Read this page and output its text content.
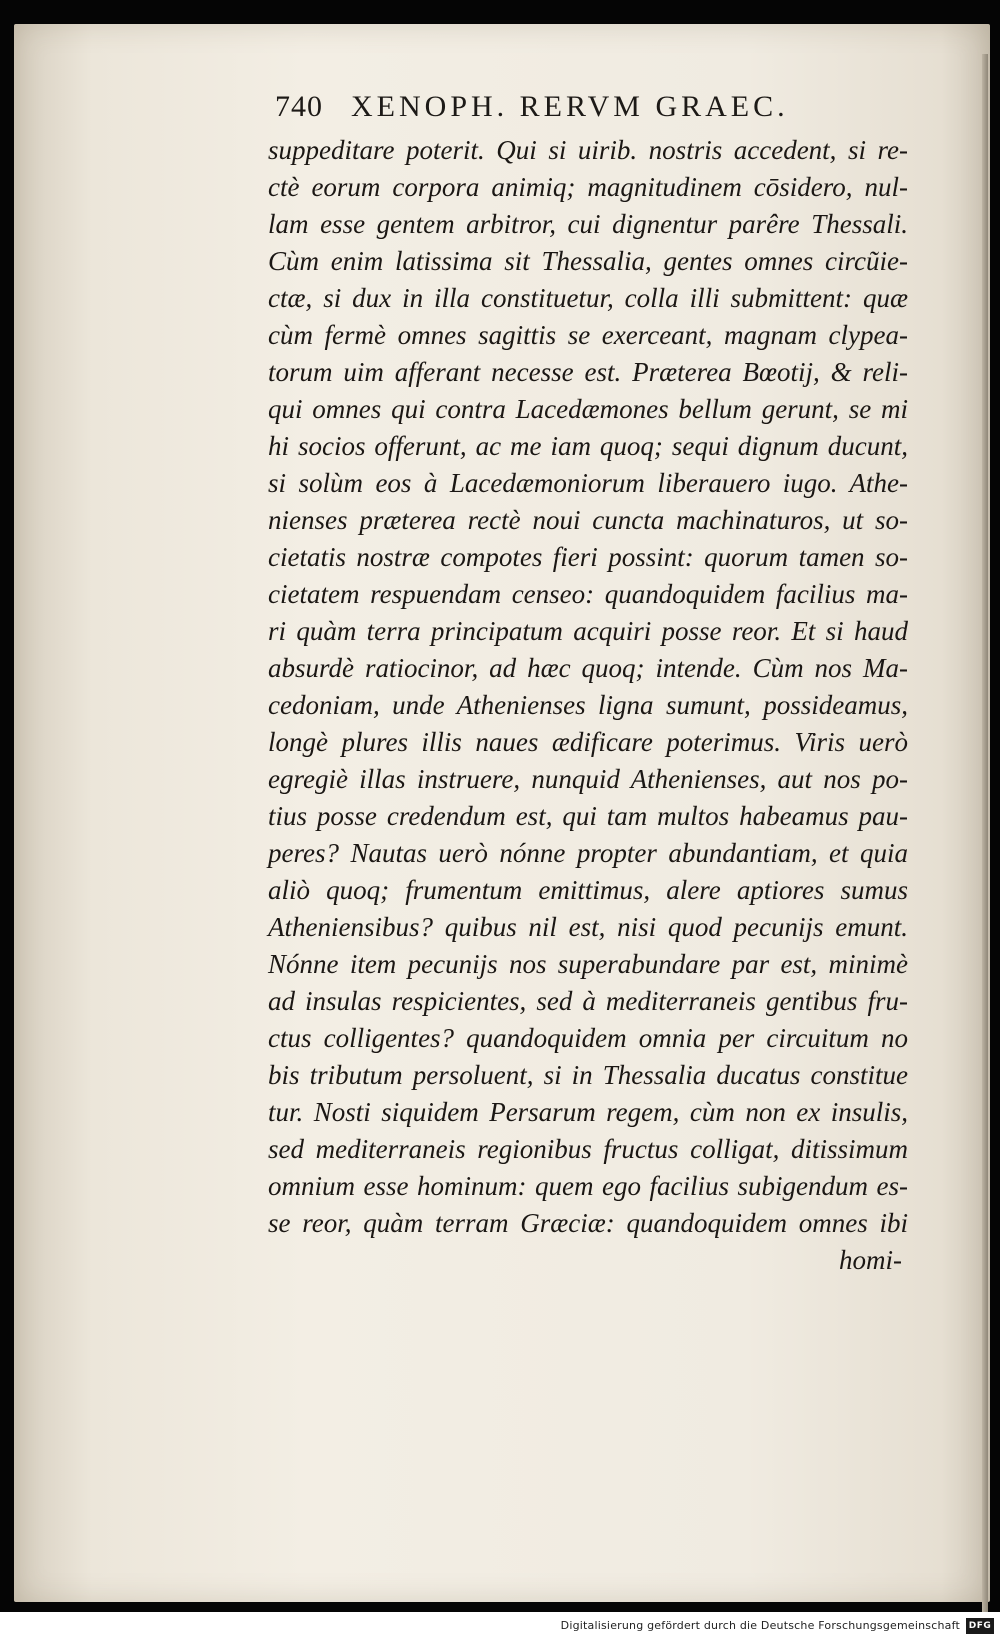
740 XENOPH. RERVM GRAEC.
suppeditare poterit. Qui si uirib. nostris accedent, si re-
ctè eorum corpora animiq; magnitudinem cōsidero, nul-
lam esse gentem arbitror, cui dignentur parêre Thessali.
Cùm enim latissima sit Thessalia, gentes omnes circũie-
ctæ, si dux in illa constituetur, colla illi submittent: quæ
cùm fermè omnes sagittis se exerceant, magnam clypea-
torum uim afferant necesse est. Præterea Bœotij, & reli-
qui omnes qui contra Lacedæmones bellum gerunt, se mi
hi socios offerunt, ac me iam quoq; sequi dignum ducunt,
si solùm eos à Lacedæmoniorum liberauero iugo. Athe-
nienses præterea rectè noui cuncta machinaturos, ut so-
cietatis nostræ compotes fieri possint: quorum tamen so-
cietatem respuendam censeo: quandoquidem facilius ma-
ri quàm terra principatum acquiri posse reor. Et si haud
absurdè ratiocinor, ad hæc quoq; intende. Cùm nos Ma-
cedoniam, unde Athenienses ligna sumunt, possideamus,
longè plures illis naues ædificare poterimus. Viris uerò
egregiè illas instruere, nunquid Athenienses, aut nos po-
tius posse credendum est, qui tam multos habeamus pau-
peres? Nautas uerò nónne propter abundantiam, et quia
aliò quoq; frumentum emittimus, alere aptiores sumus
Atheniensibus? quibus nil est, nisi quod pecunijs emunt.
Nónne item pecunijs nos superabundare par est, minimè
ad insulas respicientes, sed à mediterraneis gentibus fru-
ctus colligentes? quandoquidem omnia per circuitum no
bis tributum persoluent, si in Thessalia ducatus constitue
tur. Nosti siquidem Persarum regem, cùm non ex insulis,
sed mediterraneis regionibus fructus colligat, ditissimum
omnium esse hominum: quem ego facilius subigendum es-
se reor, quàm terram Græciæ: quandoquidem omnes ibi
homi-
Digitalisierung gefördert durch die Deutsche Forschungsgemeinschaft DFG
